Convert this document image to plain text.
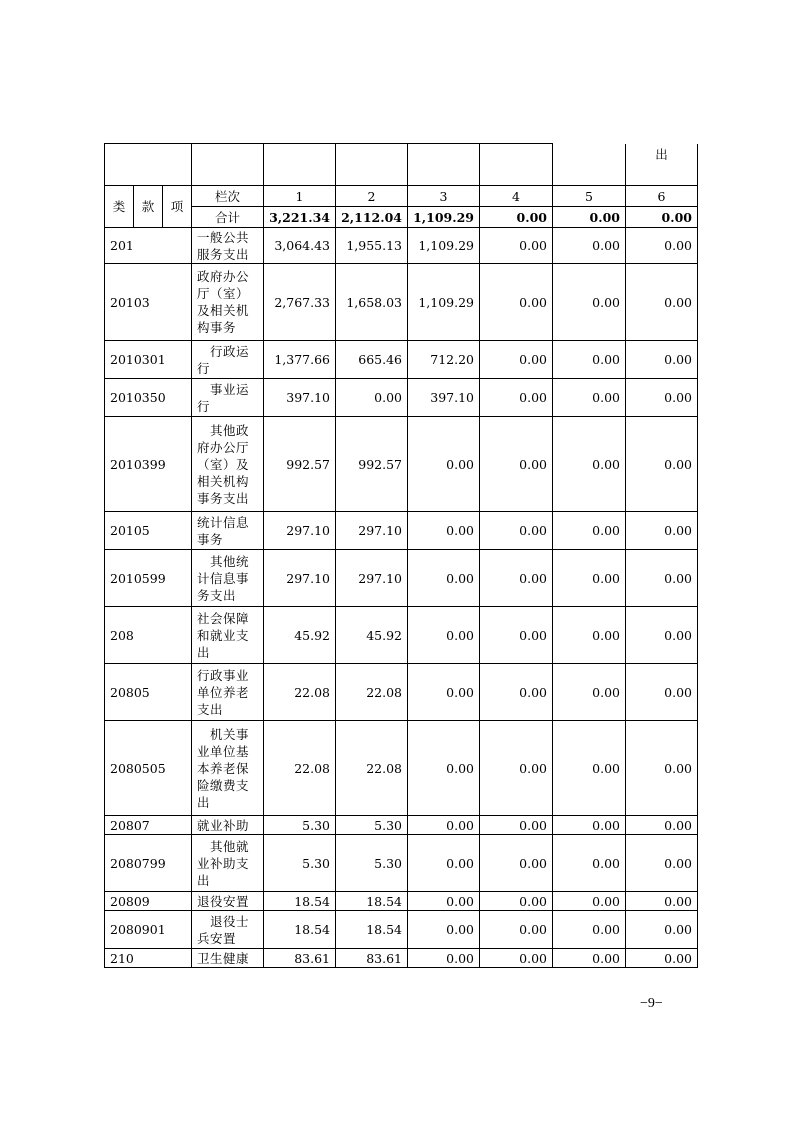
									出
类	款	项	栏次	1	2	3	4	5	6
			合计	3,221.34	2,112.04	1,109.29	0.00	0.00	0.00
201			一般公共服务支出	3,064.43	1,955.13	1,109.29	0.00	0.00	0.00
20103			政府办公厅（室）及相关机构事务	2,767.33	1,658.03	1,109.29	0.00	0.00	0.00
2010301			　行政运行	1,377.66	665.46	712.20	0.00	0.00	0.00
2010350			　事业运行	397.10	0.00	397.10	0.00	0.00	0.00
2010399			　其他政府办公厅（室）及相关机构事务支出	992.57	992.57	0.00	0.00	0.00	0.00
20105			统计信息事务	297.10	297.10	0.00	0.00	0.00	0.00
2010599			　其他统计信息事务支出	297.10	297.10	0.00	0.00	0.00	0.00
208			社会保障和就业支出	45.92	45.92	0.00	0.00	0.00	0.00
20805			行政事业单位养老支出	22.08	22.08	0.00	0.00	0.00	0.00
2080505			　机关事业单位基本养老保险缴费支出	22.08	22.08	0.00	0.00	0.00	0.00
20807			就业补助	5.30	5.30	0.00	0.00	0.00	0.00
2080799			　其他就业补助支出	5.30	5.30	0.00	0.00	0.00	0.00
20809			退役安置	18.54	18.54	0.00	0.00	0.00	0.00
2080901			　退役士兵安置	18.54	18.54	0.00	0.00	0.00	0.00
210			卫生健康	83.61	83.61	0.00	0.00	0.00	0.00
−9−
